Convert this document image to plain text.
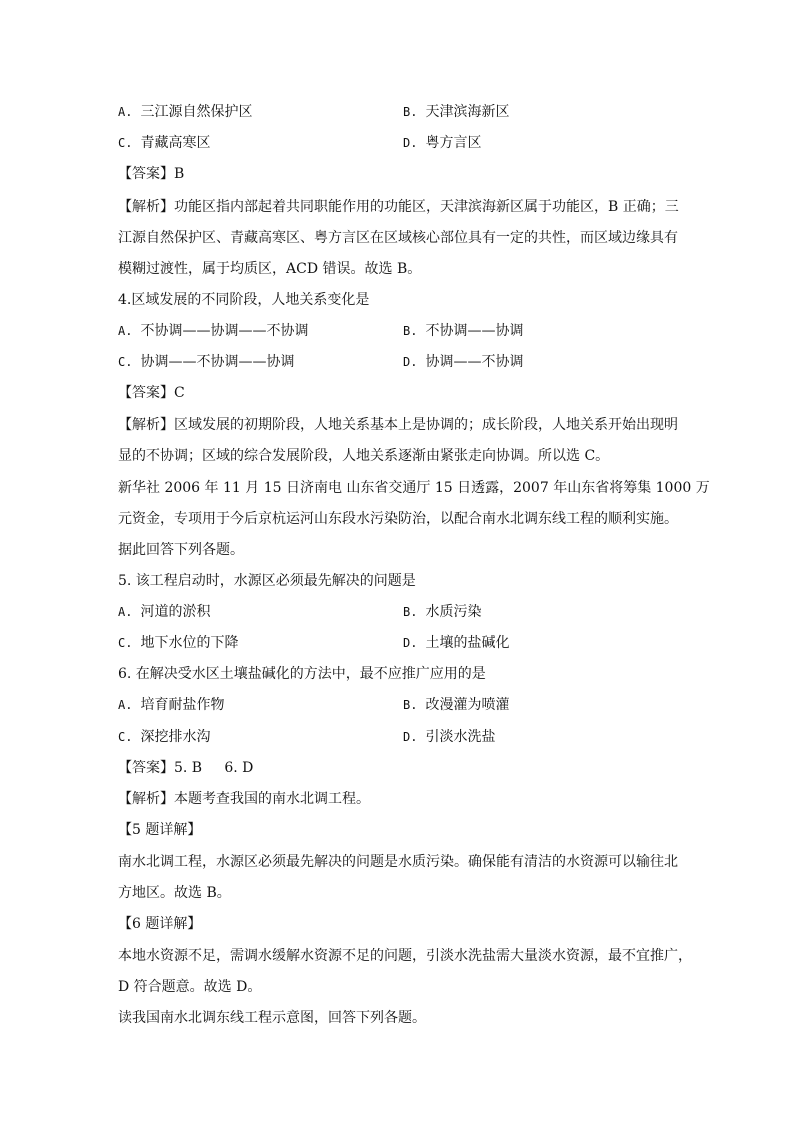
A. 三江源自然保护区	B. 天津滨海新区
C. 青藏高寒区	D. 粤方言区
【答案】B
【解析】功能区指内部起着共同职能作用的功能区，天津滨海新区属于功能区，B 正确；三
江源自然保护区、青藏高寒区、粤方言区在区域核心部位具有一定的共性，而区域边缘具有
模糊过渡性，属于均质区，ACD 错误。故选 B。
4.区域发展的不同阶段，人地关系变化是
A. 不协调——协调——不协调	B. 不协调——协调
C. 协调——不协调——协调	D. 协调——不协调
【答案】C
【解析】区域发展的初期阶段，人地关系基本上是协调的；成长阶段，人地关系开始出现明
显的不协调；区域的综合发展阶段，人地关系逐渐由紧张走向协调。所以选 C。
新华社 2006 年 11 月 15 日济南电 山东省交通厅 15 日透露，2007 年山东省将筹集 1000 万
元资金，专项用于今后京杭运河山东段水污染防治，以配合南水北调东线工程的顺利实施。
据此回答下列各题。
5. 该工程启动时，水源区必须最先解决的问题是
A. 河道的淤积	B. 水质污染
C. 地下水位的下降	D. 土壤的盐碱化
6. 在解决受水区土壤盐碱化的方法中，最不应推广应用的是
A. 培育耐盐作物	B. 改漫灌为喷灌
C. 深挖排水沟	D. 引淡水洗盐
【答案】5. B     6. D
【解析】本题考查我国的南水北调工程。
【5 题详解】
南水北调工程，水源区必须最先解决的问题是水质污染。确保能有清洁的水资源可以输往北
方地区。故选 B。
【6 题详解】
本地水资源不足，需调水缓解水资源不足的问题，引淡水洗盐需大量淡水资源，最不宜推广，
D 符合题意。故选 D。
读我国南水北调东线工程示意图，回答下列各题。
